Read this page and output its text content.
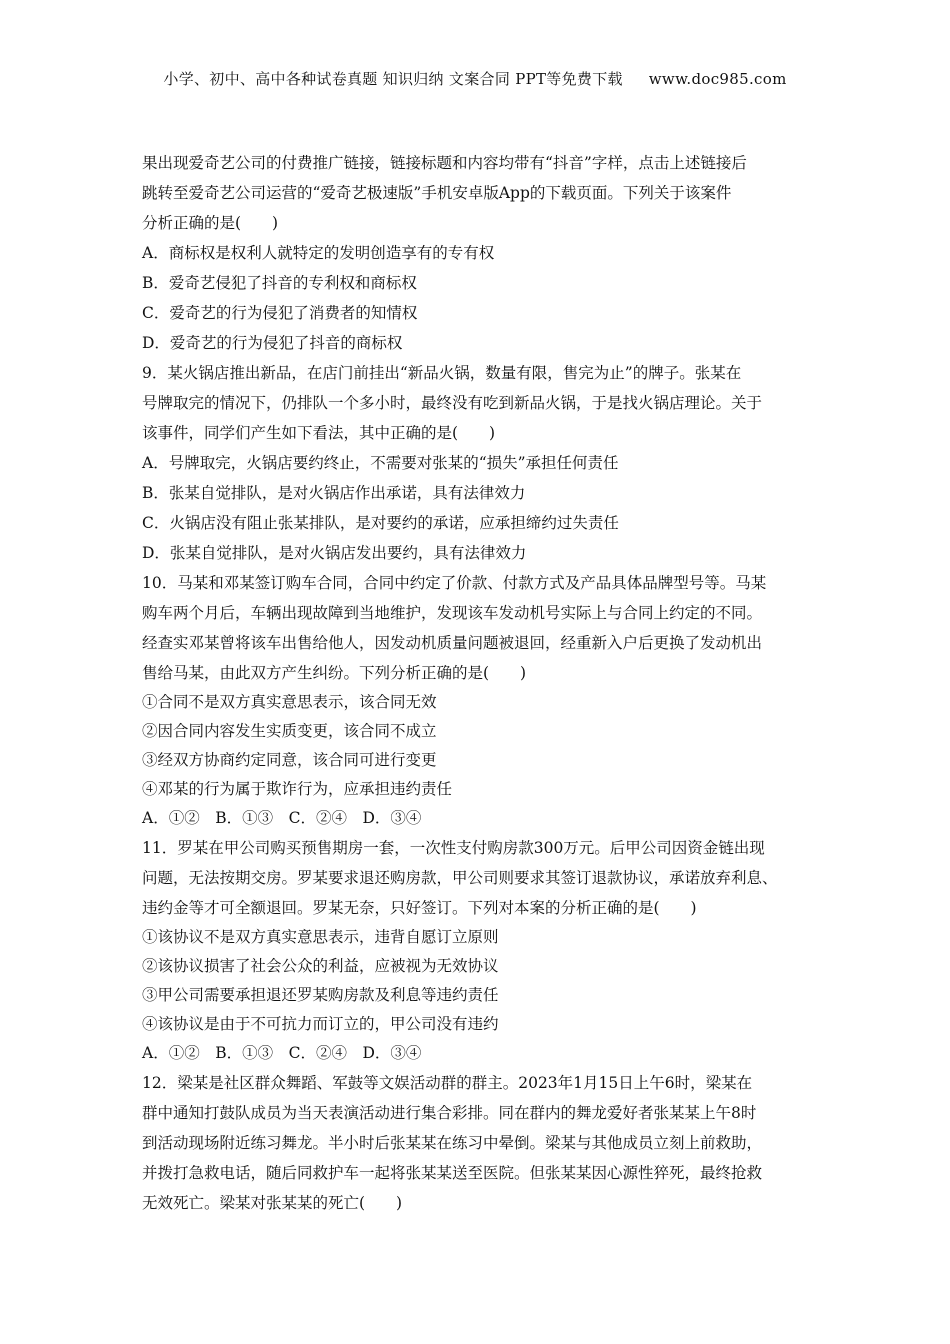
小学、初中、高中各种试卷真题 知识归纳 文案合同 PPT等免费下载 www.doc985.com
果出现爱奇艺公司的付费推广链接，链接标题和内容均带有“抖音”字样，点击上述链接后
跳转至爱奇艺公司运营的“爱奇艺极速版”手机安卓版App的下载页面。下列关于该案件
分析正确的是(　　)
A．商标权是权利人就特定的发明创造享有的专有权
B．爱奇艺侵犯了抖音的专利权和商标权
C．爱奇艺的行为侵犯了消费者的知情权
D．爱奇艺的行为侵犯了抖音的商标权
9．某火锅店推出新品，在店门前挂出“新品火锅，数量有限，售完为止”的牌子。张某在
号牌取完的情况下，仍排队一个多小时，最终没有吃到新品火锅，于是找火锅店理论。关于
该事件，同学们产生如下看法，其中正确的是(　　)
A．号牌取完，火锅店要约终止，不需要对张某的“损失”承担任何责任
B．张某自觉排队，是对火锅店作出承诺，具有法律效力
C．火锅店没有阻止张某排队，是对要约的承诺，应承担缔约过失责任
D．张某自觉排队，是对火锅店发出要约，具有法律效力
10．马某和邓某签订购车合同，合同中约定了价款、付款方式及产品具体品牌型号等。马某
购车两个月后，车辆出现故障到当地维护，发现该车发动机号实际上与合同上约定的不同。
经查实邓某曾将该车出售给他人，因发动机质量问题被退回，经重新入户后更换了发动机出
售给马某，由此双方产生纠纷。下列分析正确的是(　　)
①合同不是双方真实意思表示，该合同无效
②因合同内容发生实质变更，该合同不成立
③经双方协商约定同意，该合同可进行变更
④邓某的行为属于欺诈行为，应承担违约责任
A．①②　B．①③　C．②④　D．③④
11．罗某在甲公司购买预售期房一套，一次性支付购房款300万元。后甲公司因资金链出现
问题，无法按期交房。罗某要求退还购房款，甲公司则要求其签订退款协议，承诺放弃利息、
违约金等才可全额退回。罗某无奈，只好签订。下列对本案的分析正确的是(　　)
①该协议不是双方真实意思表示，违背自愿订立原则
②该协议损害了社会公众的利益，应被视为无效协议
③甲公司需要承担退还罗某购房款及利息等违约责任
④该协议是由于不可抗力而订立的，甲公司没有违约
A．①②　B．①③　C．②④　D．③④
12．梁某是社区群众舞蹈、军鼓等文娱活动群的群主。2023年1月15日上午6时，梁某在
群中通知打鼓队成员为当天表演活动进行集合彩排。同在群内的舞龙爱好者张某某上午8时
到活动现场附近练习舞龙。半小时后张某某在练习中晕倒。梁某与其他成员立刻上前救助，
并拨打急救电话，随后同救护车一起将张某某送至医院。但张某某因心源性猝死，最终抢救
无效死亡。梁某对张某某的死亡(　　)
